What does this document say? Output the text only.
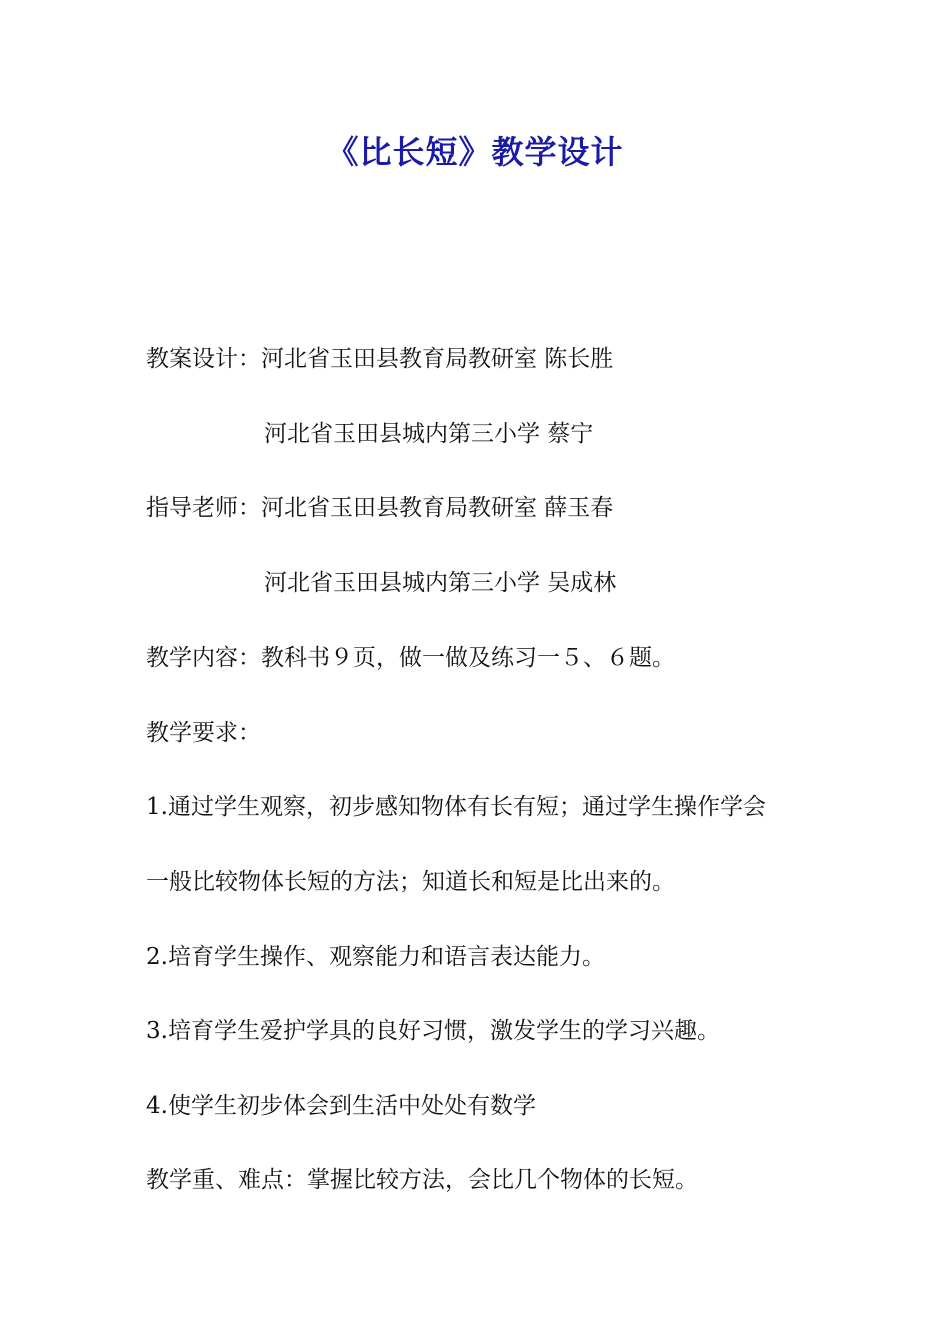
《比长短》教学设计
教案设计：河北省玉田县教育局教研室 陈长胜
河北省玉田县城内第三小学 蔡宁
指导老师：河北省玉田县教育局教研室 薛玉春
河北省玉田县城内第三小学 吴成林
教学内容：教科书９页，做一做及练习一５、６题。
教学要求：
1.通过学生观察，初步感知物体有长有短；通过学生操作学会
一般比较物体长短的方法；知道长和短是比出来的。
2.培育学生操作、观察能力和语言表达能力。
3.培育学生爱护学具的良好习惯，激发学生的学习兴趣。
4.使学生初步体会到生活中处处有数学
教学重、难点：掌握比较方法，会比几个物体的长短。
